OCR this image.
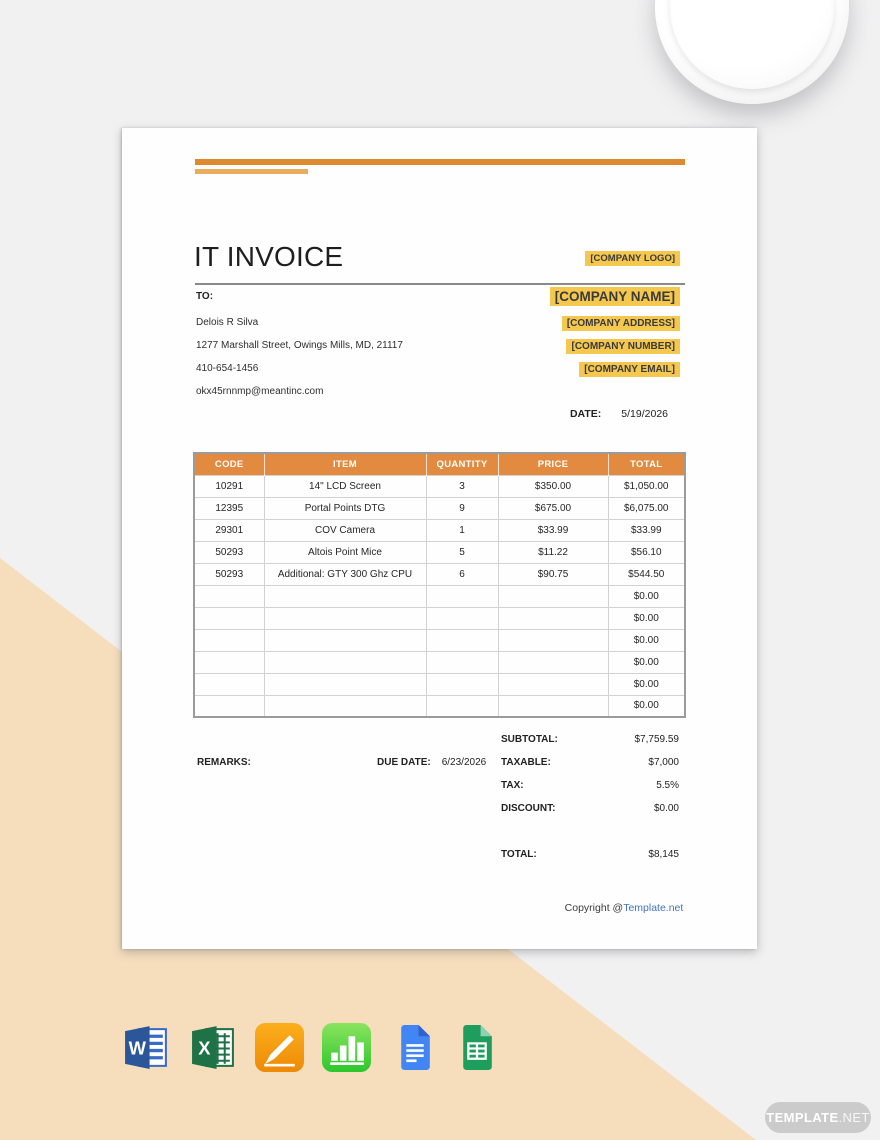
IT INVOICE	[COMPANY LOGO]
TO:
Delois R Silva
1277 Marshall Street, Owings Mills, MD, 21117
410-654-1456
okx45rnnmp@meantinc.com
[COMPANY NAME]
[COMPANY ADDRESS]
[COMPANY NUMBER]
[COMPANY EMAIL]
DATE: 5/19/2026
CODE	ITEM	QUANTITY	PRICE	TOTAL
10291	14" LCD Screen	3	$350.00	$1,050.00
12395	Portal Points DTG	9	$675.00	$6,075.00
29301	COV Camera	1	$33.99	$33.99
50293	Altois Point Mice	5	$11.22	$56.10
50293	Additional: GTY 300 Ghz CPU	6	$90.75	$544.50
				$0.00
				$0.00
				$0.00
				$0.00
				$0.00
				$0.00
SUBTOTAL:	$7,759.59
TAXABLE:	$7,000
TAX:	5.5%
DISCOUNT:	$0.00
TOTAL:	$8,145
REMARKS:	DUE DATE: 6/23/2026
Copyright @Template.net
W	X
TEMPLATE .NET
